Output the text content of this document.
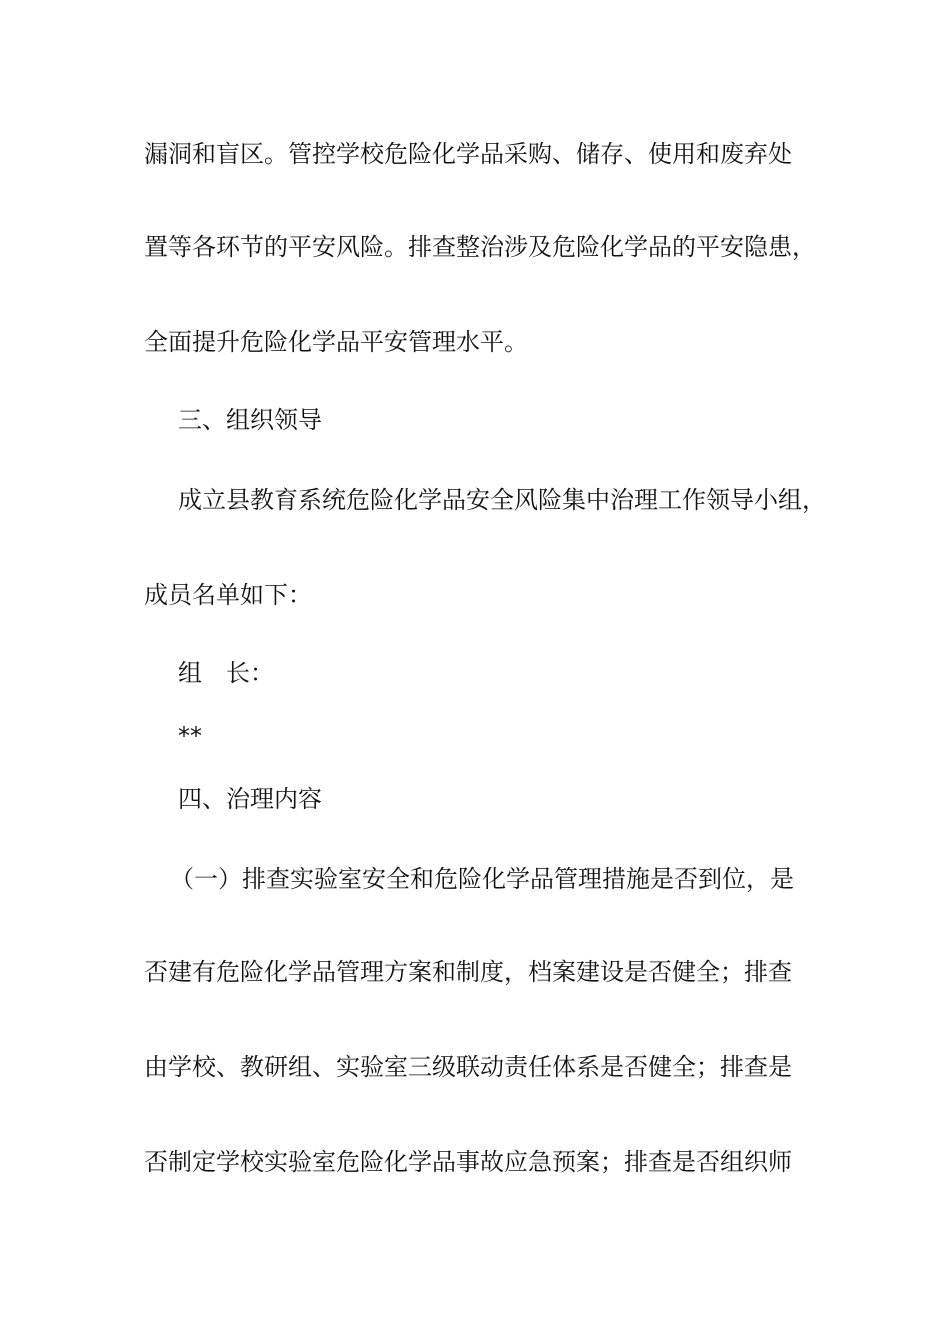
漏洞和盲区。管控学校危险化学品采购、储存、使用和废弃处
置等各环节的平安风险。排查整治涉及危险化学品的平安隐患，
全面提升危险化学品平安管理水平。
三、组织领导
成立县教育系统危险化学品安全风险集中治理工作领导小组，
成员名单如下：
组　长：
**
四、治理内容
（一）排查实验室安全和危险化学品管理措施是否到位，是
否建有危险化学品管理方案和制度，档案建设是否健全；排查
由学校、教研组、实验室三级联动责任体系是否健全；排查是
否制定学校实验室危险化学品事故应急预案；排查是否组织师
